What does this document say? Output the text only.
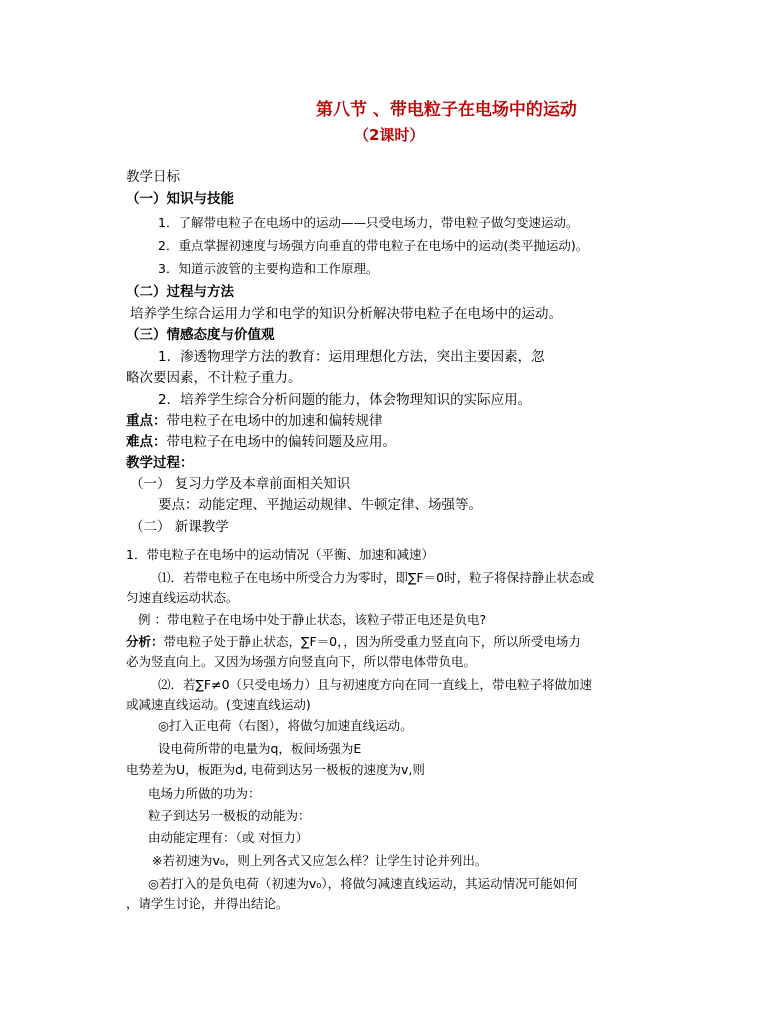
第八节 、带电粒子在电场中的运动
（2课时）
教学日标
（一）知识与技能
1．了解带电粒子在电场中的运动——只受电场力，带电粒子做匀变速运动。
2．重点掌握初速度与场强方向垂直的带电粒子在电场中的运动(类平抛运动)。
3．知道示波管的主要构造和工作原理。
（二）过程与方法
培养学生综合运用力学和电学的知识分析解决带电粒子在电场中的运动。
（三）情感态度与价值观
1．渗透物理学方法的教育：运用理想化方法，突出主要因素，忽
略次要因素，不计粒子重力。
2．培养学生综合分析问题的能力，体会物理知识的实际应用。
重点：带电粒子在电场中的加速和偏转规律
难点：带电粒子在电场中的偏转问题及应用。
教学过程：
（一） 复习力学及本章前面相关知识
要点：动能定理、平抛运动规律、牛顿定律、场强等。
（二） 新课教学
1．带电粒子在电场中的运动情况（平衡、加速和减速）
⑴．若带电粒子在电场中所受合力为零时，即∑F＝0时，粒子将保持静止状态或
匀速直线运动状态。
例 ：带电粒子在电场中处于静止状态，该粒子带正电还是负电?
分析：带电粒子处于静止状态，∑F＝0，，因为所受重力竖直向下，所以所受电场力
必为竖直向上。又因为场强方向竖直向下，所以带电体带负电。
⑵．若∑F≠0（只受电场力）且与初速度方向在同一直线上，带电粒子将做加速
或减速直线运动。(变速直线运动)
◎打入正电荷（右图），将做匀加速直线运动。
设电荷所带的电量为q，板间场强为E
电势差为U，板距为d, 电荷到达另一极板的速度为v,则
电场力所做的功为：
粒子到达另一极板的动能为：
由动能定理有：（或 对恒力）
※若初速为v₀，则上列各式又应怎么样？让学生讨论并列出。
◎若打入的是负电荷（初速为v₀），将做匀减速直线运动，其运动情况可能如何
，请学生讨论，并得出结论。
